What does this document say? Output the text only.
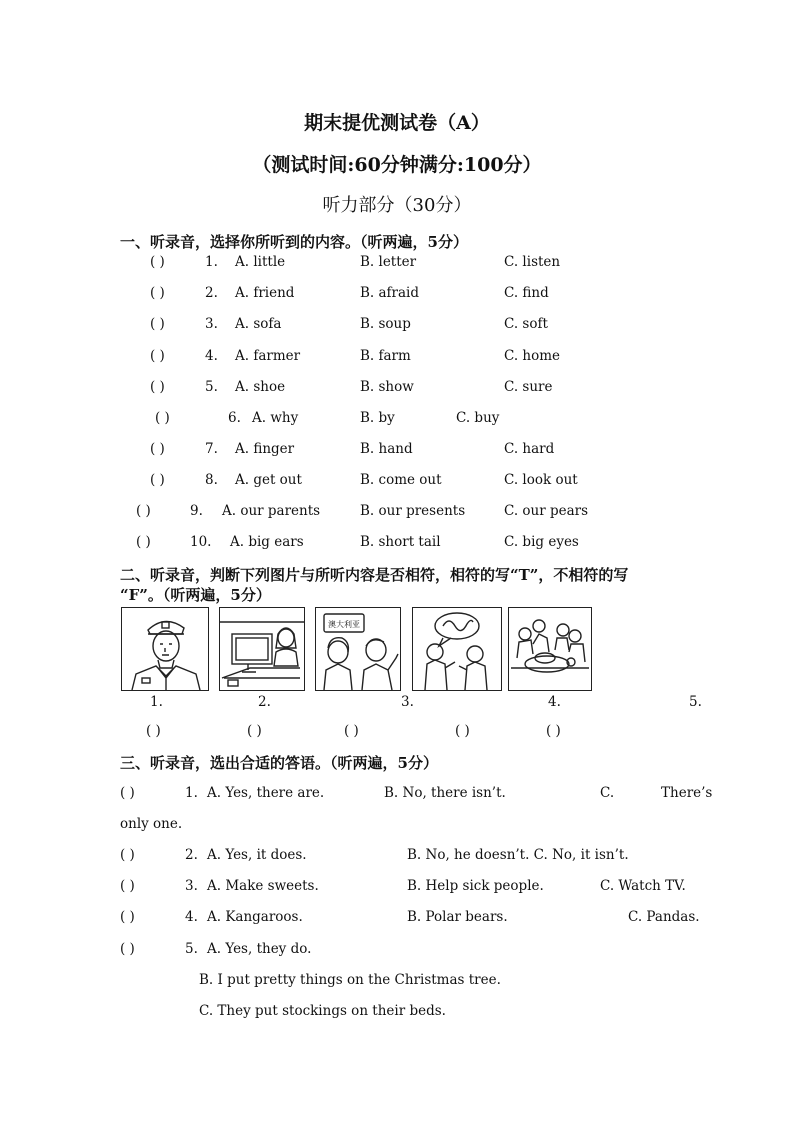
期末提优测试卷（A）
（测试时间:60分钟满分:100分）
听力部分（30分）
一、听录音，选择你所听到的内容。（听两遍，5分）
( )	1. A. little	B. letter	C. listen
( )	2. A. friend	B. afraid	C. find
( )	3. A. sofa	B. soup	C. soft
( )	4. A. farmer	B. farm	C. home
( )	5. A. shoe	B. show	C. sure
( )	6. A. why	B. by	C. buy
( )	7. A. finger	B. hand	C. hard
( )	8. A. get out	B. come out	C. look out
( )	9. A. our parents	B. our presents	C. our pears
( )	10. A. big ears	B. short tail	C. big eyes
二、听录音，判断下列图片与所听内容是否相符，相符的写“T”，不相符的写
“F”。（听两遍，5分）
澳大利亚
1.	2.	3.	4.	5.
( )	( )	( )	( )	( )
三、听录音，选出合适的答语。（听两遍，5分）
( )	1. A. Yes, there are.	B. No, there isn’t.	C.	There’s
only one.
( )	2. A. Yes, it does.	B. No, he doesn’t. C. No, it isn’t.
( )	3. A. Make sweets.	B. Help sick people.	C. Watch TV.
( )	4. A. Kangaroos.	B. Polar bears.	C. Pandas.
( )	5. A. Yes, they do.
B. I put pretty things on the Christmas tree.
C. They put stockings on their beds.
